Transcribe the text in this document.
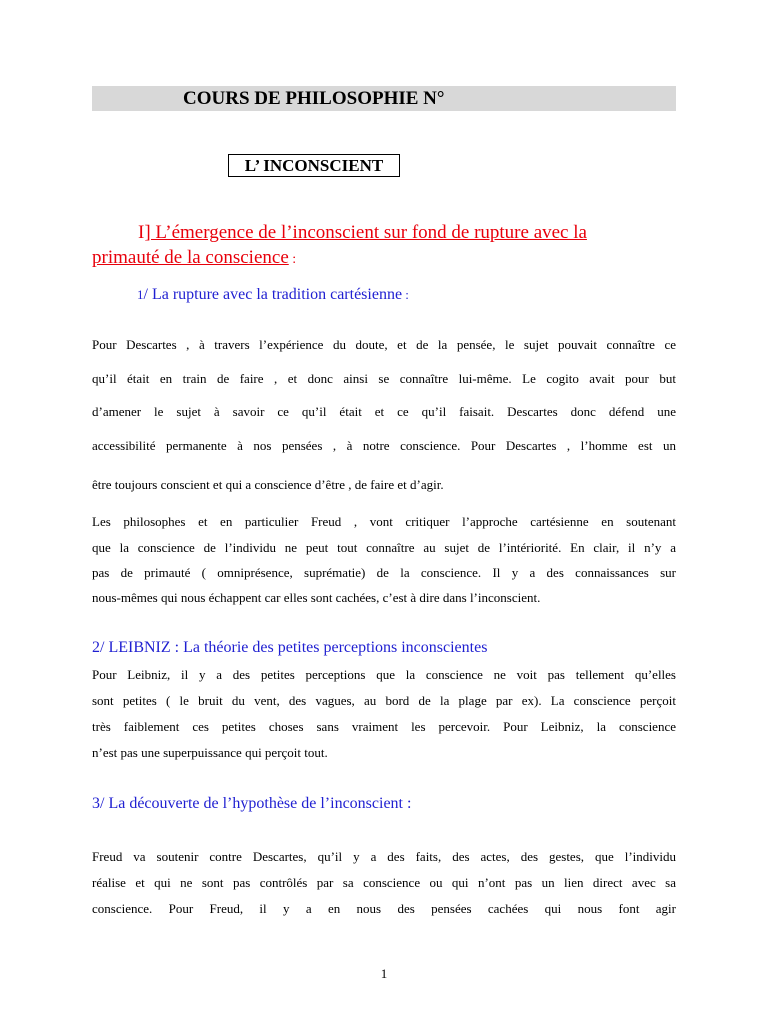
COURS DE PHILOSOPHIE N°
L’ INCONSCIENT
I] L’émergence de l’inconscient sur fond de rupture avec la
primauté de la conscience :
1/ La rupture avec la tradition cartésienne :
Pour Descartes , à travers l’expérience du doute, et de la pensée, le sujet pouvait connaître ce
qu’il était en train de faire , et donc ainsi se connaître lui-même. Le cogito avait pour but
d’amener le sujet à savoir ce qu’il était et ce qu’il faisait. Descartes donc défend une
accessibilité permanente à nos pensées , à notre conscience. Pour Descartes , l’homme est un
être toujours conscient et qui a conscience d’être , de faire et d’agir.
Les philosophes et en particulier Freud , vont critiquer l’approche cartésienne en soutenant
que la conscience de l’individu ne peut tout connaître au sujet de l’intériorité. En clair, il n’y a
pas de primauté ( omniprésence, suprématie) de la conscience. Il y a des connaissances sur
nous-mêmes qui nous échappent car elles sont cachées, c’est à dire dans l’inconscient.
2/ LEIBNIZ : La théorie des petites perceptions inconscientes
Pour Leibniz, il y a des petites perceptions que la conscience ne voit pas tellement qu’elles
sont petites ( le bruit du vent, des vagues, au bord de la plage par ex). La conscience perçoit
très faiblement ces petites choses sans vraiment les percevoir. Pour Leibniz, la conscience
n’est pas une superpuissance qui perçoit tout.
3/ La découverte de l’hypothèse de l’inconscient :
Freud va soutenir contre Descartes, qu’il y a des faits, des actes, des gestes, que l’individu
réalise et qui ne sont pas contrôlés par sa conscience ou qui n’ont pas un lien direct avec sa
conscience. Pour Freud, il y a en nous des pensées cachées qui nous font agir
1
